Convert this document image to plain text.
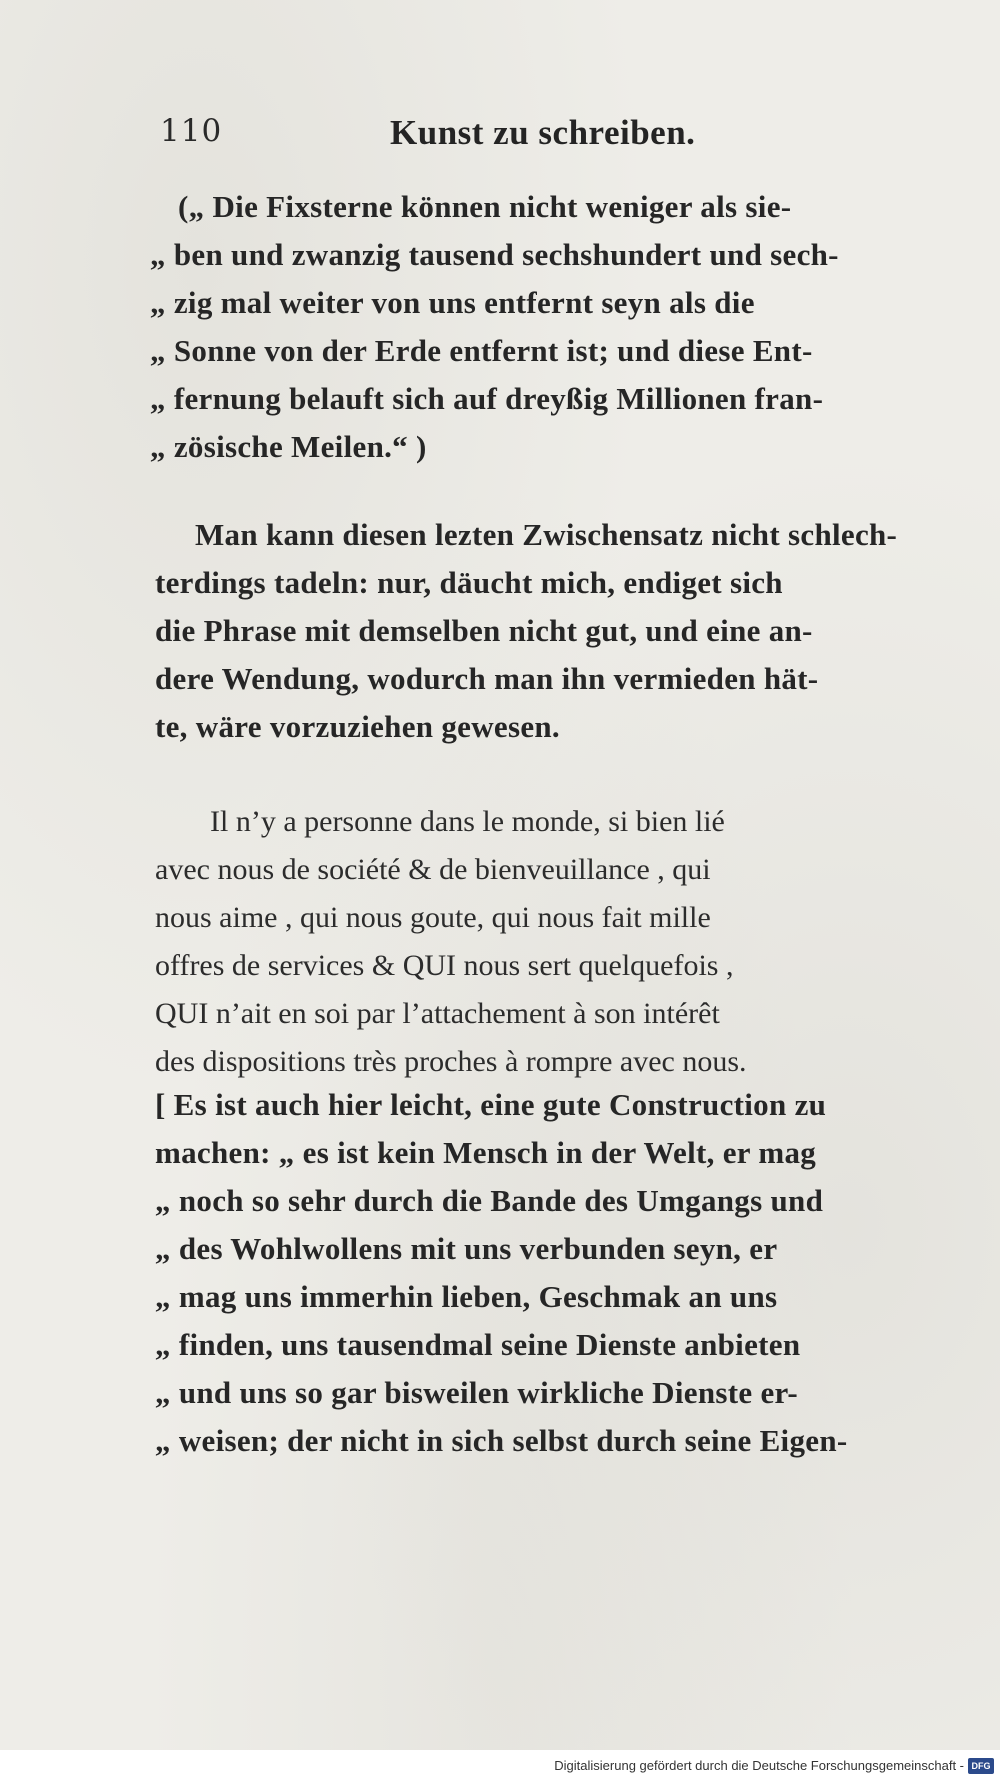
110	Kunst zu schreiben.
(„ Die Fixsterne können nicht weniger als sie-
„ ben und zwanzig tausend sechshundert und sech-
„ zig mal weiter von uns entfernt seyn als die
„ Sonne von der Erde entfernt ist; und diese Ent-
„ fernung belauft sich auf dreyßig Millionen fran-
„ zösische Meilen.“ )
Man kann diesen lezten Zwischensatz nicht schlech-
terdings tadeln: nur, däucht mich, endiget sich
die Phrase mit demselben nicht gut, und eine an-
dere Wendung, wodurch man ihn vermieden hät-
te, wäre vorzuziehen gewesen.
Il n’y a personne dans le monde, si bien lié
avec nous de société & de bienveuillance , qui
nous aime , qui nous goute, qui nous fait mille
offres de services & QUI nous sert quelquefois ,
QUI n’ait en soi par l’attachement à son intérêt
des dispositions très proches à rompre avec nous.
[ Es ist auch hier leicht, eine gute Construction zu
machen: „ es ist kein Mensch in der Welt, er mag
„ noch so sehr durch die Bande des Umgangs und
„ des Wohlwollens mit uns verbunden seyn, er
„ mag uns immerhin lieben, Geschmak an uns
„ finden, uns tausendmal seine Dienste anbieten
„ und uns so gar bisweilen wirkliche Dienste er-
„ weisen; der nicht in sich selbst durch seine Eigen-
Digitalisierung gefördert durch die Deutsche Forschungsgemeinschaft - DFG
